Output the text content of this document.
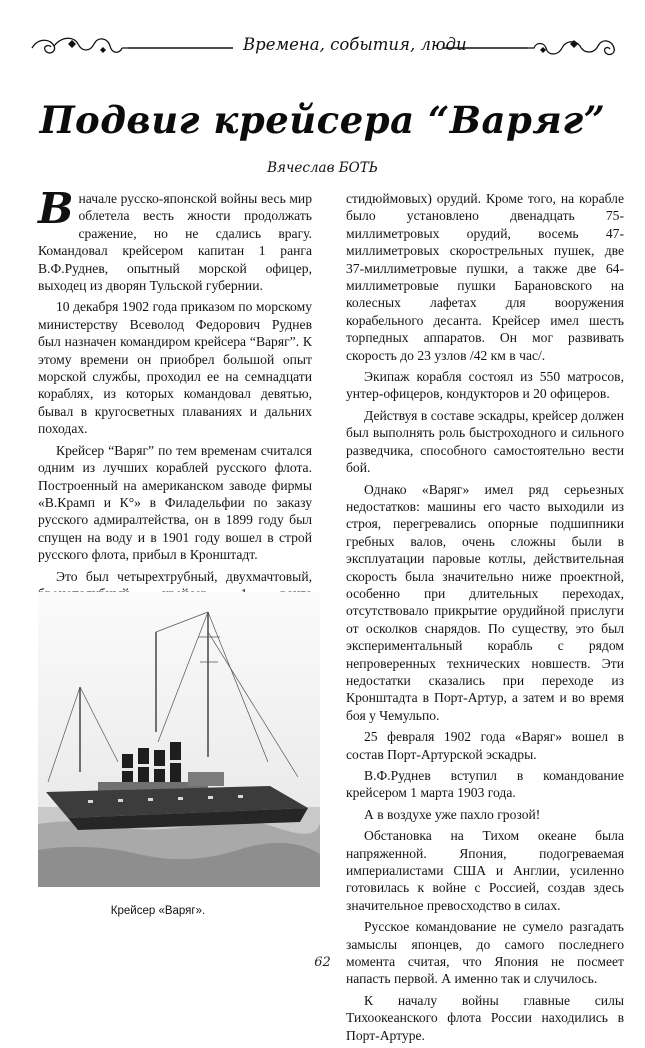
Времена, события, люди
Подвиг крейсера “Варяг”
Вячеслав БОТЬ

В начале русско-японской войны весь мир облетела весть жности продолжать сражение, но не сдались врагу. Командовал крейсером капитан 1 ранга В.Ф.Руднев, опытный морской офицер, выходец из дворян Тульской губернии.

10 декабря 1902 года приказом по морскому министерству Всеволод Федорович Руднев был назначен командиром крейсера “Варяг”. К этому времени он приобрел большой опыт морской службы, проходил ее на семнадцати кораблях, из которых командовал девятью, бывал в кругосветных плаваниях и дальних походах.

Крейсер “Варяг” по тем временам считался одним из лучших кораблей русского флота. Построенный на американском заводе фирмы «В.Крамп и К°» в Филадельфии по заказу русского адмиралтейства, он в 1899 году был спущен на воду и в 1901 году вошел в строй русского флота, прибыл в Кронштадт.

Это был четырехтрубный, двухмачтовый,

Крейсер «Варяг».

стидюймовых) орудий. Кроме того, на корабле было установлено двенадцать 75-миллиметровых орудий, восемь 47-миллиметровых скорострельных пушек, две 37-миллиметровые пушки, а также две 64-миллиметровые пушки Барановского на колесных лафетах для вооружения корабельного десанта. Крейсер имел шесть торпедных аппаратов. Он мог развивать скорость до 23 узлов /42 км в час/.

Экипаж корабля состоял из 550 матросов, унтер-офицеров, кондукторов и 20 офицеров.

Действуя в составе эскадры, крейсер должен был выполнять роль быстроходного и сильного разведчика, способного самостоятельно вести бой.

Однако «Варяг» имел ряд серьезных недостатков: машины его часто выходили из строя, перегревались опорные подшипники гребных валов, очень сложны были в эксплуатации паровые котлы, действительная скорость была значительно ниже проектной, особенно при длительных переходах, отсутствовало прикрытие орудийной прислуги от осколков снарядов. По существу, это был экспериментальный корабль с рядом непроверенных технических новшеств. Эти недостатки сказались при переходе из Кронштадта в Порт-Артур, а затем и во время боя у Чемульпо.

25 февраля 1902 года «Варяг» вошел в состав Порт-Артурской эскадры.

В.Ф.Руднев вступил в командование крейсером 1 марта 1903 года.

А в воздухе уже пахло грозой!

Обстановка на Тихом океане была напряженной. Япония, подогреваемая империалистами США и Англии, усиленно готовилась к войне с Россией, создав здесь значительное превосходство в силах.

Русское командование не сумело разгадать замыслы японцев, до самого последнего момента считая, что Япония не посмеет напасть первой. А именно так и случилось.

К началу войны главные силы Тихоокеанского флота России находились в Порт-Артуре.

62
